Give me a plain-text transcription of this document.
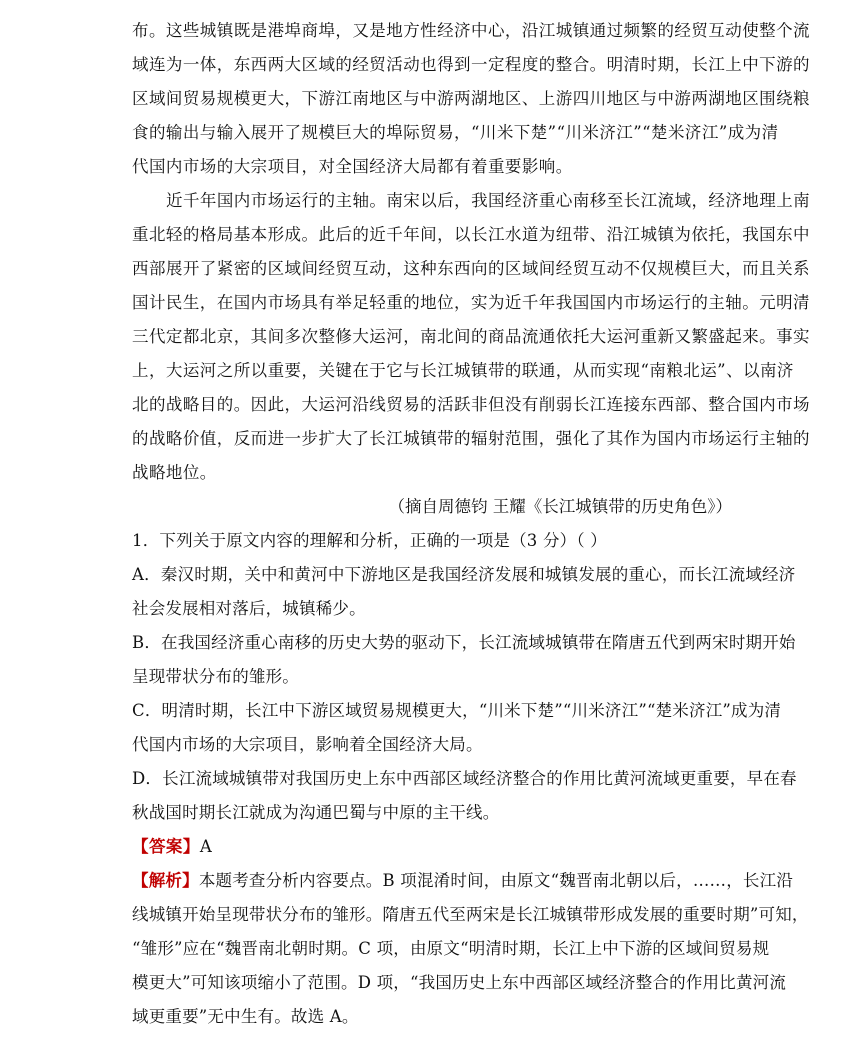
布。这些城镇既是港埠商埠，又是地方性经济中心，沿江城镇通过频繁的经贸互动使整个流
域连为一体，东西两大区域的经贸活动也得到一定程度的整合。明清时期，长江上中下游的
区域间贸易规模更大，下游江南地区与中游两湖地区、上游四川地区与中游两湖地区围绕粮
食的输出与输入展开了规模巨大的埠际贸易，“川米下楚”“川米济江”“楚米济江”成为清
代国内市场的大宗项目，对全国经济大局都有着重要影响。
近千年国内市场运行的主轴。南宋以后，我国经济重心南移至长江流域，经济地理上南
重北轻的格局基本形成。此后的近千年间，以长江水道为纽带、沿江城镇为依托，我国东中
西部展开了紧密的区域间经贸互动，这种东西向的区域间经贸互动不仅规模巨大，而且关系
国计民生，在国内市场具有举足轻重的地位，实为近千年我国国内市场运行的主轴。元明清
三代定都北京，其间多次整修大运河，南北间的商品流通依托大运河重新又繁盛起来。事实
上，大运河之所以重要，关键在于它与长江城镇带的联通，从而实现“南粮北运”、以南济
北的战略目的。因此，大运河沿线贸易的活跃非但没有削弱长江连接东西部、整合国内市场
的战略价值，反而进一步扩大了长江城镇带的辐射范围，强化了其作为国内市场运行主轴的
战略地位。
（摘自周德钧 王耀《长江城镇带的历史角色》）
1．下列关于原文内容的理解和分析，正确的一项是（3 分）（ ）
A．秦汉时期，关中和黄河中下游地区是我国经济发展和城镇发展的重心，而长江流域经济
社会发展相对落后，城镇稀少。
B．在我国经济重心南移的历史大势的驱动下，长江流域城镇带在隋唐五代到两宋时期开始
呈现带状分布的雏形。
C．明清时期，长江中下游区域贸易规模更大，“川米下楚”“川米济江”“楚米济江”成为清
代国内市场的大宗项目，影响着全国经济大局。
D．长江流域城镇带对我国历史上东中西部区域经济整合的作用比黄河流域更重要，早在春
秋战国时期长江就成为沟通巴蜀与中原的主干线。
【答案】A
【解析】本题考查分析内容要点。B 项混淆时间，由原文“魏晋南北朝以后，……，长江沿
线城镇开始呈现带状分布的雏形。隋唐五代至两宋是长江城镇带形成发展的重要时期”可知，
“雏形”应在“魏晋南北朝时期。C 项，由原文“明清时期，长江上中下游的区域间贸易规
模更大”可知该项缩小了范围。D 项，“我国历史上东中西部区域经济整合的作用比黄河流
域更重要”无中生有。故选 A。
